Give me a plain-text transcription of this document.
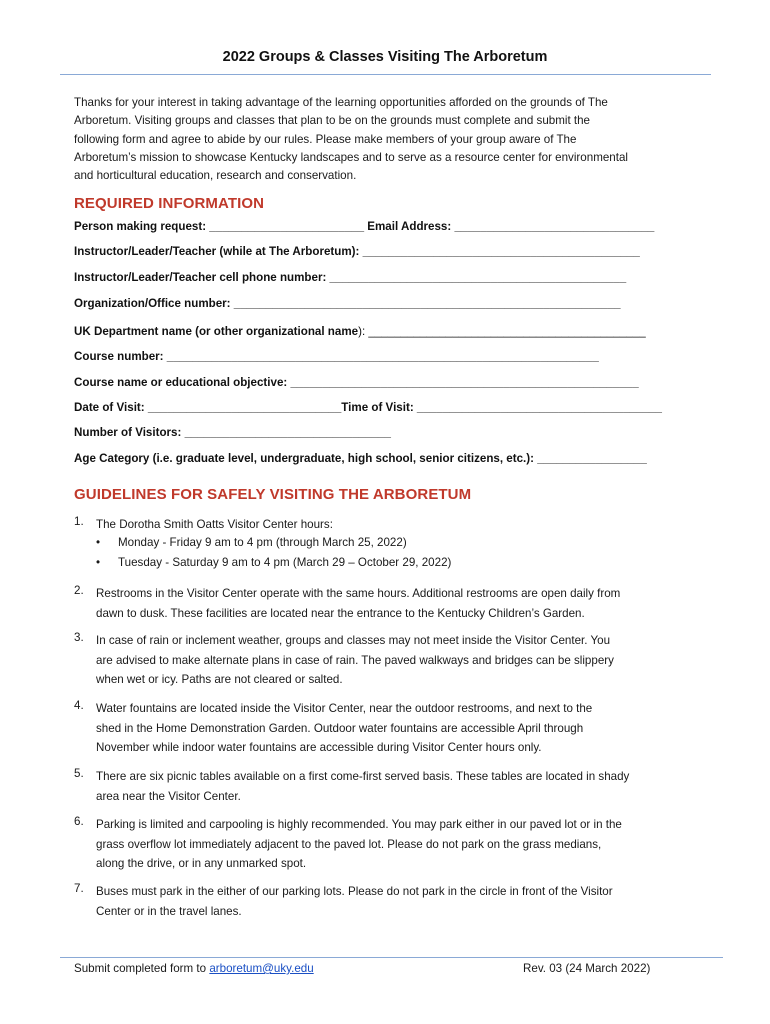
2022 Groups & Classes Visiting The Arboretum
Thanks for your interest in taking advantage of the learning opportunities afforded on the grounds of The
Arboretum. Visiting groups and classes that plan to be on the grounds must complete and submit the
following form and agree to abide by our rules. Please make members of your group aware of The
Arboretum’s mission to showcase Kentucky landscapes and to serve as a resource center for environmental
and horticultural education, research and conservation.
REQUIRED INFORMATION
Person making request: ________________________ Email Address: _______________________________
Instructor/Leader/Teacher (while at The Arboretum): ___________________________________________
Instructor/Leader/Teacher cell phone number: ______________________________________________
Organization/Office number: ____________________________________________________________
UK Department name (or other organizational name): ___________________________________________
Course number: ___________________________________________________________________
Course name or educational objective: ______________________________________________________
Date of Visit: ______________________________Time of Visit: ______________________________________
Number of Visitors: ________________________________
Age Category (i.e. graduate level, undergraduate, high school, senior citizens, etc.): _________________
GUIDELINES FOR SAFELY VISITING THE ARBORETUM
1. The Dorotha Smith Oatts Visitor Center hours:
• Monday - Friday 9 am to 4 pm (through March 25, 2022)
• Tuesday - Saturday 9 am to 4 pm (March 29 – October 29, 2022)
2. Restrooms in the Visitor Center operate with the same hours. Additional restrooms are open daily from
dawn to dusk. These facilities are located near the entrance to the Kentucky Children’s Garden.
3. In case of rain or inclement weather, groups and classes may not meet inside the Visitor Center. You
are advised to make alternate plans in case of rain. The paved walkways and bridges can be slippery
when wet or icy. Paths are not cleared or salted.
4. Water fountains are located inside the Visitor Center, near the outdoor restrooms, and next to the
shed in the Home Demonstration Garden. Outdoor water fountains are accessible April through
November while indoor water fountains are accessible during Visitor Center hours only.
5. There are six picnic tables available on a first come-first served basis. These tables are located in shady
area near the Visitor Center.
6. Parking is limited and carpooling is highly recommended. You may park either in our paved lot or in the
grass overflow lot immediately adjacent to the paved lot. Please do not park on the grass medians,
along the drive, or in any unmarked spot.
7. Buses must park in the either of our parking lots. Please do not park in the circle in front of the Visitor
Center or in the travel lanes.
Submit completed form to arboretum@uky.edu	Rev. 03 (24 March 2022)
